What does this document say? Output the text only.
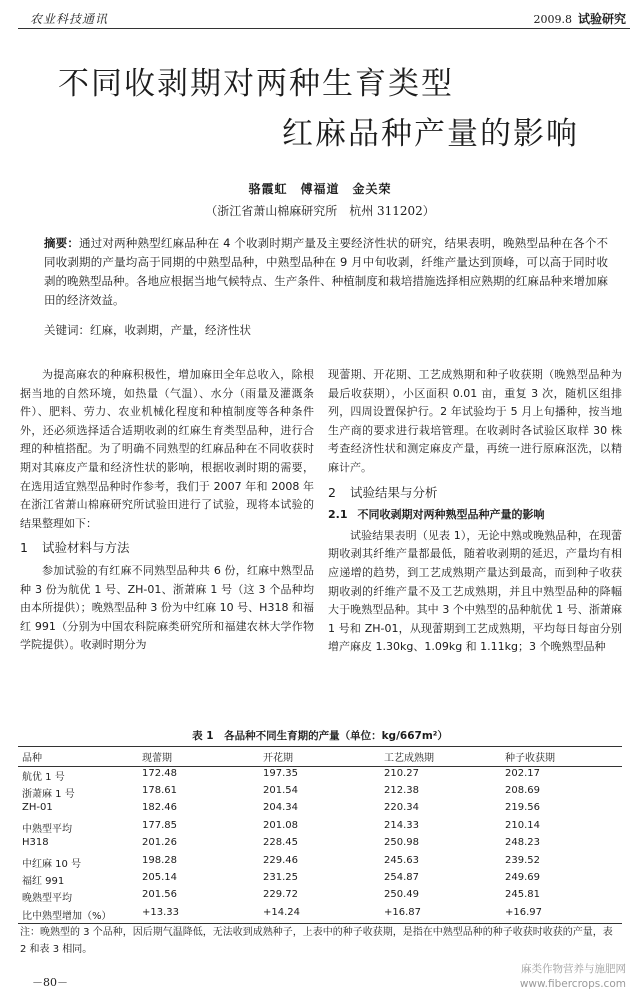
农业科技通讯	2009.8 试验研究
不同收剥期对两种生育类型
红麻品种产量的影响
骆霞虹　傅福道　金关荣
（浙江省萧山棉麻研究所　杭州 311202）
摘要：通过对两种熟型红麻品种在 4 个收剥时期产量及主要经济性状的研究，结果表明，晚熟型品种在各个不同收剥期的产量均高于同期的中熟型品种，中熟型品种在 9 月中旬收剥，纤维产量达到顶峰，可以高于同时收剥的晚熟型品种。各地应根据当地气候特点、生产条件、种植制度和栽培措施选择相应熟期的红麻品种来增加麻田的经济效益。
关键词：红麻，收剥期，产量，经济性状

为提高麻农的种麻积极性，增加麻田全年总收入，除根据当地的自然环境，如热量（气温）、水分（雨量及灌溉条件）、肥料、劳力、农业机械化程度和种植制度等各种条件外，还必须选择适合适期收剥的红麻生育类型品种，进行合理的种植搭配。为了明确不同熟型的红麻品种在不同收获时期对其麻皮产量和经济性状的影响，根据收剥时期的需要，在选用适宜熟型品种时作参考，我们于 2007 年和 2008 年在浙江省萧山棉麻研究所试验田进行了试验，现将本试验的结果整理如下：

1 试验材料与方法

参加试验的有红麻不同熟型品种共 6 份，红麻中熟型品种 3 份为航优 1 号、ZH-01、浙萧麻 1 号（这 3 个品种均由本所提供）；晚熟型品种 3 份为中红麻 10 号、H318 和福红 991（分别为中国农科院麻类研究所和福建农林大学作物学院提供）。收剥时期分为

现蕾期、开花期、工艺成熟期和种子收获期（晚熟型品种为最后收获期），小区面积 0.01 亩，重复 3 次，随机区组排列，四周设置保护行。2 年试验均于 5 月上旬播种，按当地生产商的要求进行栽培管理。在收剥时各试验区取样 30 株考查经济性状和测定麻皮产量，再统一进行原麻沤洗，以精麻计产。

2 试验结果与分析
2.1 不同收剥期对两种熟型品种产量的影响

试验结果表明（见表 1），无论中熟或晚熟品种，在现蕾期收剥其纤维产量都最低，随着收剥期的延迟，产量均有相应递增的趋势，到工艺成熟期产量达到最高，而到种子收获期收剥的纤维产量不及工艺成熟期，并且中熟型品种的降幅大于晚熟型品种。其中 3 个中熟型的品种航优 1 号、浙萧麻 1 号和 ZH-01，从现蕾期到工艺成熟期，平均每日每亩分别增产麻皮 1.30kg、1.09kg 和 1.11kg；3 个晚熟型品种

表 1　各品种不同生育期的产量（单位：kg/667m²）
品种	现蕾期	开花期	工艺成熟期	种子收获期
航优 1 号	172.48	197.35	210.27	202.17
浙萧麻 1 号	178.61	201.54	212.38	208.69
ZH-01	182.46	204.34	220.34	219.56
中熟型平均	177.85	201.08	214.33	210.14
H318	201.26	228.45	250.98	248.23
中红麻 10 号	198.28	229.46	245.63	239.52
福红 991	205.14	231.25	254.87	249.69
晚熟型平均	201.56	229.72	250.49	245.81
比中熟型增加（%）	+13.33	+14.24	+16.87	+16.97
注：晚熟型的 3 个品种，因后期气温降低，无法收到成熟种子，上表中的种子收获期，是指在中熟型品种的种子收获时收获的产量，表 2 和表 3 相同。
－80－
麻类作物营养与施肥网
www.fibercrops.com
